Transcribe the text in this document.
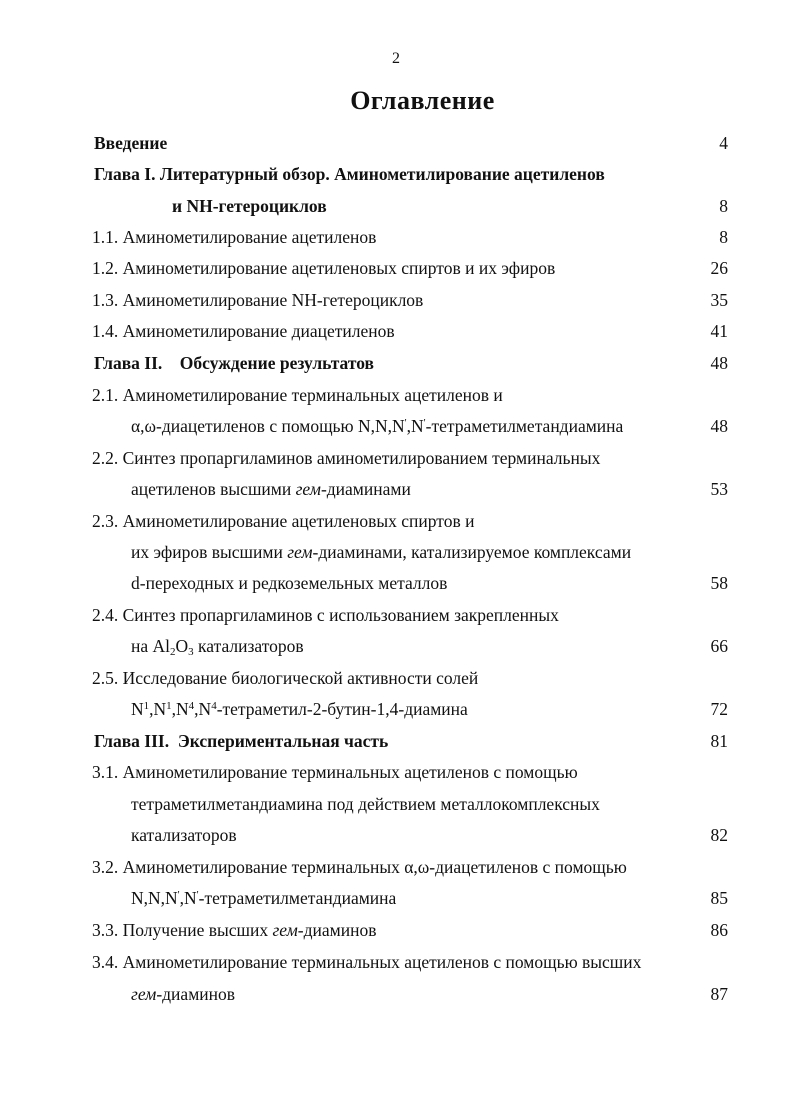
2
Оглавление
Введение	4
Глава I. Литературный обзор. Аминометилирование ацетиленов
и NH-гетероциклов	8
1.1. Аминометилирование ацетиленов	8
1.2. Аминометилирование ацетиленовых спиртов и их эфиров	26
1.3. Аминометилирование NH-гетероциклов	35
1.4. Аминометилирование диацетиленов	41
Глава II.    Обсуждение результатов	48
2.1. Аминометилирование терминальных ацетиленов и
α,ω-диацетиленов с помощью N,N,N',N'-тетраметилметандиамина	48
2.2. Синтез пропаргиламинов аминометилированием терминальных
ацетиленов высшими гем-диаминами	53
2.3. Аминометилирование ацетиленовых спиртов и
их эфиров высшими гем-диаминами, катализируемое комплексами
d-переходных и редкоземельных металлов	58
2.4. Синтез пропаргиламинов с использованием закрепленных
на $Al_2O_3$ катализаторов	66
2.5. Исследование биологической активности солей
$N^1,N^1,N^4,N^4-тетраметил-2-бутин-1,4$-диамина	72
Глава III.  Экспериментальная часть	81
3.1. Аминометилирование терминальных ацетиленов с помощью
тетраметилметандиамина под действием металлокомплексных
катализаторов	82
3.2. Аминометилирование терминальных α,ω-диацетиленов с помощью
N,N,N',N'-тетраметилметандиамина	85
3.3. Получение высших гем-диаминов	86
3.4. Аминометилирование терминальных ацетиленов с помощью высших
гем-диаминов	87
